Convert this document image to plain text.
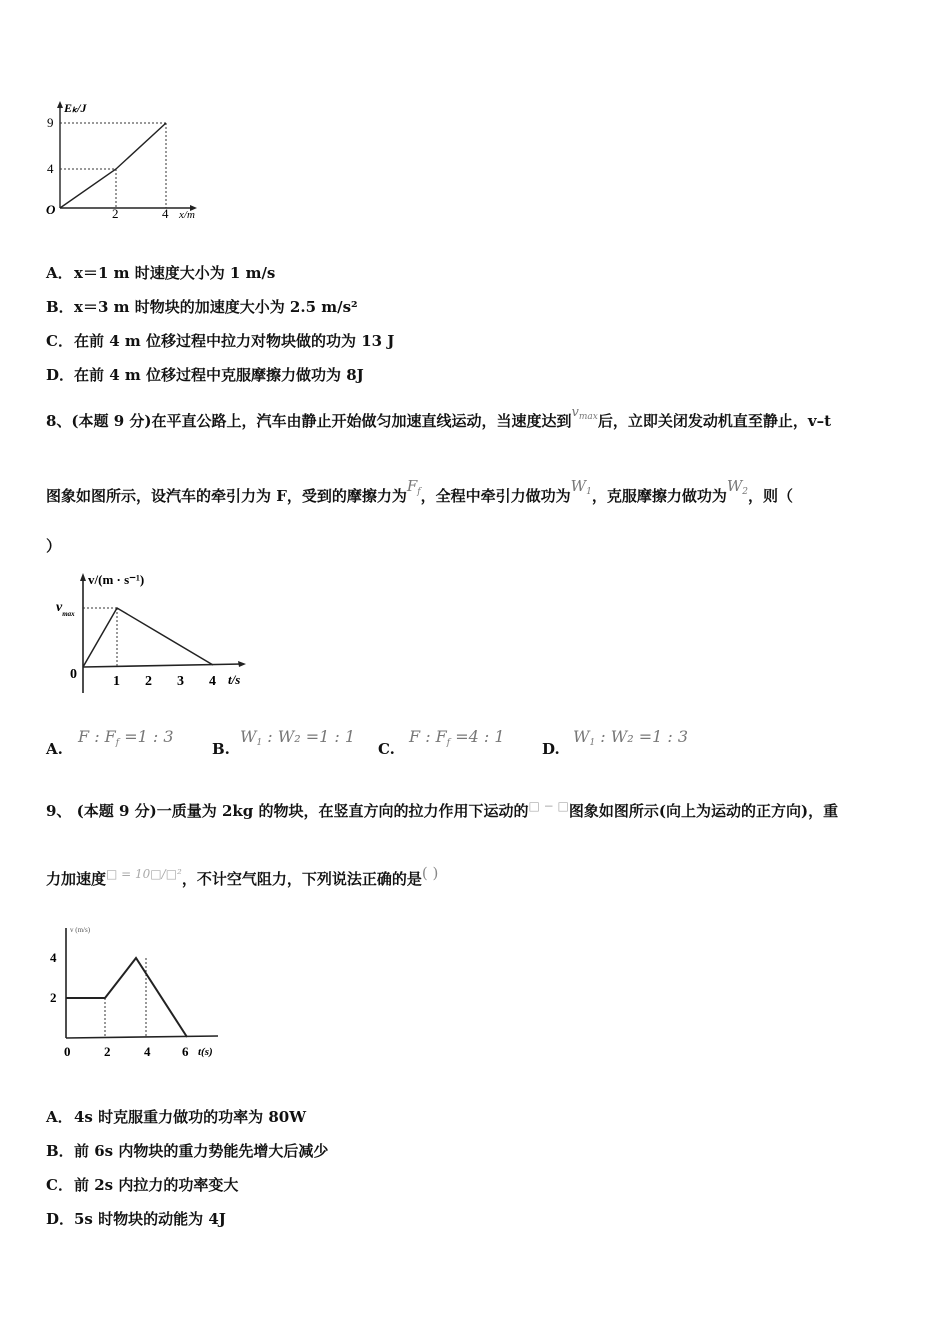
Eₖ/J
9
4
O	2	4 x/m
A．x＝1 m 时速度大小为 1 m/s
B．x＝3 m 时物块的加速度大小为 2.5 m/s²
C．在前 4 m 位移过程中拉力对物块做的功为 13 J
D．在前 4 m 位移过程中克服摩擦力做功为 8J
8、(本题 9 分)在平直公路上，汽车由静止开始做匀加速直线运动，当速度达到$v_{max}$后，立即关闭发动机直至静止，v–t
图象如图所示，设汽车的牵引力为 F，受到的摩擦力为$F_f$，全程中牵引力做功为$W_1$，克服摩擦力做功为$W_2$，则（
）
v/(m · s⁻¹)
$v_{max}$
0	1 2 3 4 t/s
A.
F : $F_f =1$ : 3
B.
$W_1$ : W₂ =1 : 1
C.
F : $F_f =4$ : 1
D.
$W_1$ : W₂ =1 : 3
9、 (本题 9 分)一质量为 2kg 的物块，在竖直方向的拉力作用下运动的□ − □图象如图所示(向上为运动的正方向)，重
力加速度$^{□ = 10□/□^2}$，不计空气阻力，下列说法正确的是( )
v (m/s)
4
2
0	2	4 6 t(s)
A．4s 时克服重力做功的功率为 80W
B．前 6s 内物块的重力势能先增大后减少
C．前 2s 内拉力的功率变大
D．5s 时物块的动能为 4J
